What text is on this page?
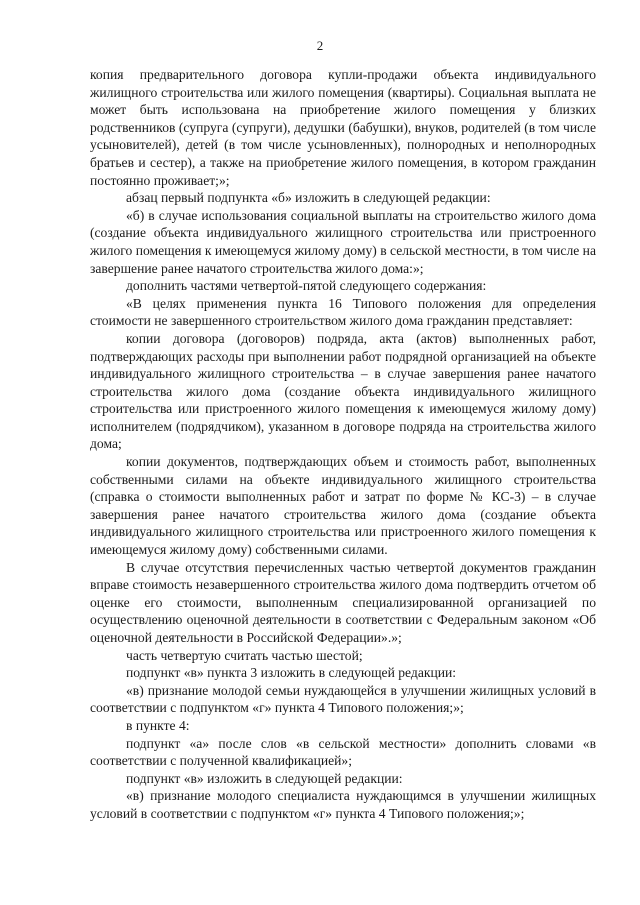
2

копия предварительного договора купли-продажи объекта индивидуального жилищного строительства или жилого помещения (квартиры). Социальная выплата не может быть использована на приобретение жилого помещения у близких родственников (супруга (супруги), дедушки (бабушки), внуков, родителей (в том числе усыновителей), детей (в том числе усыновленных), полнородных и неполнородных братьев и сестер), а также на приобретение жилого помещения, в котором гражданин постоянно проживает;»;

абзац первый подпункта «б» изложить в следующей редакции:

«б) в случае использования социальной выплаты на строительство жилого дома (создание объекта индивидуального жилищного строительства или пристроенного жилого помещения к имеющемуся жилому дому) в сельской местности, в том числе на завершение ранее начатого строительства жилого дома:»;

дополнить частями четвертой-пятой следующего содержания:

«В целях применения пункта 16 Типового положения для определения стоимости не завершенного строительством жилого дома гражданин представляет:

копии договора (договоров) подряда, акта (актов) выполненных работ, подтверждающих расходы при выполнении работ подрядной организацией на объекте индивидуального жилищного строительства – в случае завершения ранее начатого строительства жилого дома (создание объекта индивидуального жилищного строительства или пристроенного жилого помещения к имеющемуся жилому дому) исполнителем (подрядчиком), указанном в договоре подряда на строительства жилого дома;

копии документов, подтверждающих объем и стоимость работ, выполненных собственными силами на объекте индивидуального жилищного строительства (справка о стоимости выполненных работ и затрат по форме № КС-3) – в случае завершения ранее начатого строительства жилого дома (создание объекта индивидуального жилищного строительства или пристроенного жилого помещения к имеющемуся жилому дому) собственными силами.

В случае отсутствия перечисленных частью четвертой документов гражданин вправе стоимость незавершенного строительства жилого дома подтвердить отчетом об оценке его стоимости, выполненным специализированной организацией по осуществлению оценочной деятельности в соответствии с Федеральным законом «Об оценочной деятельности в Российской Федерации».»;

часть четвертую считать частью шестой;

подпункт «в» пункта 3 изложить в следующей редакции:

«в) признание молодой семьи нуждающейся в улучшении жилищных условий в соответствии с подпунктом «г» пункта 4 Типового положения;»;

в пункте 4:

подпункт «а» после слов «в сельской местности» дополнить словами «в соответствии с полученной квалификацией»;

подпункт «в» изложить в следующей редакции:

«в) признание молодого специалиста нуждающимся в улучшении жилищных условий в соответствии с подпунктом «г» пункта 4 Типового положения;»;
